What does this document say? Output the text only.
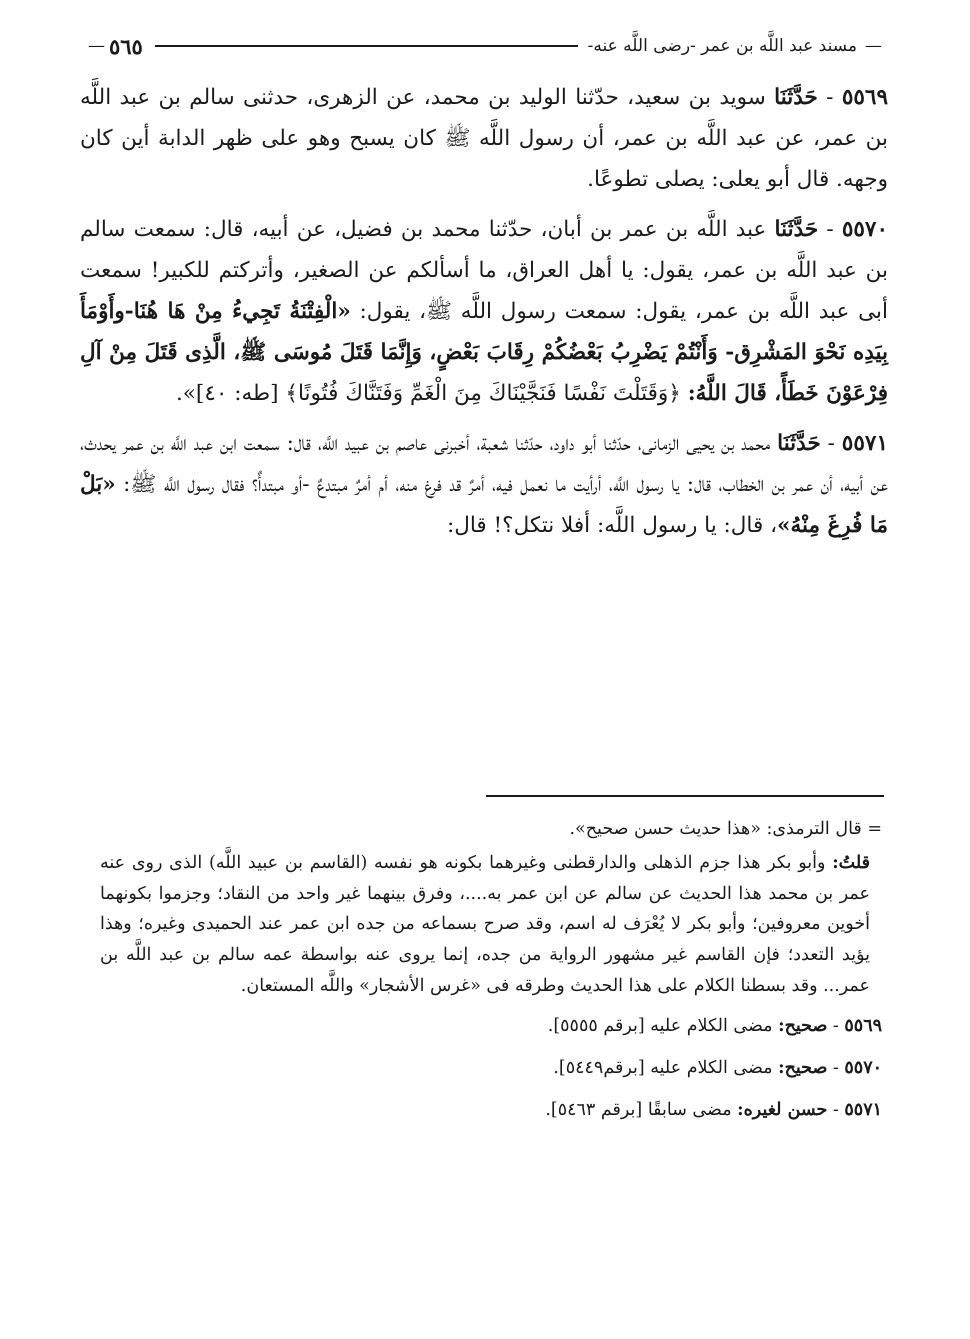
—
مسند عبد اللَّه بن عمر -رضى اللَّه عنه-
٥٦٥
—

٥٥٦٩ - حَدَّثَنَا سويد بن سعيد، حدّثنا الوليد بن محمد، عن الزهرى، حدثنى سالم بن عبد اللَّه بن عمر، عن عبد اللَّه بن عمر، أن رسول اللَّه ﷺ كان يسبح وهو على ظهر الدابة أين كان وجهه. قال أبو يعلى: يصلى تطوعًا.

٥٥٧٠ - حَدَّثَنَا عبد اللَّه بن عمر بن أبان، حدّثنا محمد بن فضيل، عن أبيه، قال: سمعت سالم بن عبد اللَّه بن عمر، يقول: يا أهل العراق، ما أسألكم عن الصغير، وأتركتم للكبير! سمعت أبى عبد اللَّه بن عمر، يقول: سمعت رسول اللَّه ﷺ، يقول: «الْفِتْنَةُ تَجِيءُ مِنْ هَا هُنَا-وأَوْمَأَ بِيَدِه نَحْوَ المَشْرِق- وَأَنْتُمْ يَضْرِبُ بَعْضُكُمْ رِقَابَ بَعْضٍ، وَإِنَّمَا قَتَلَ مُوسَى ﷺ، الَّذِى قَتَلَ مِنْ آلِ فِرْعَوْنَ خَطَأً، قَالَ اللَّهُ: ﴿وَقَتَلْتَ نَفْسًا فَنَجَّيْنَاكَ مِنَ الْغَمِّ وَفَتَنَّاكَ فُتُونًا﴾ [طه: ٤٠]».

٥٥٧١ - حَدَّثَنَا محمد بن يحيى الزمانى، حدّثنا أبو داود، حدّثنا شعبة، أخبرنى عاصم بن عبيد اللَّه، قال: سمعت ابن عبد اللَّه بن عمر يحدث، عن أبيه، أن عمر بن الخطاب، قال: يا رسول اللَّه، أرأيت ما نعمل فيه، أمرٌ قد فرغ منه، أم أمرٌ مبتدعٌ -أو مبتدأٌ؟ فقال رسول اللَّه ﷺ: «بَلْ مَا فُرِغَ مِنْهُ»، قال: يا رسول اللَّه: أفلا نتكل؟! قال:

= قال الترمذى: «هذا حديث حسن صحيح».

قلتُ: وأبو بكر هذا جزم الذهلى والدارقطنى وغيرهما بكونه هو نفسه (القاسم بن عبيد اللَّه) الذى روى عنه عمر بن محمد هذا الحديث عن سالم عن ابن عمر به....، وفرق بينهما غير واحد من النقاد؛ وجزموا بكونهما أخوين معروفين؛ وأبو بكر لا يُعْرَف له اسم، وقد صرح بسماعه من جده ابن عمر عند الحميدى وغيره؛ وهذا يؤيد التعدد؛ فإن القاسم غير مشهور الرواية من جده، إنما يروى عنه بواسطة عمه سالم بن عبد اللَّه بن عمر... وقد بسطنا الكلام على هذا الحديث وطرقه فى «غرس الأشجار» واللَّه المستعان.

٥٥٦٩ - صحيح: مضى الكلام عليه [برقم ٥٥٥٥].

٥٥٧٠ - صحيح: مضى الكلام عليه [برقم٥٤٤٩].

٥٥٧١ - حسن لغيره: مضى سابقًا [برقم ٥٤٦٣].
